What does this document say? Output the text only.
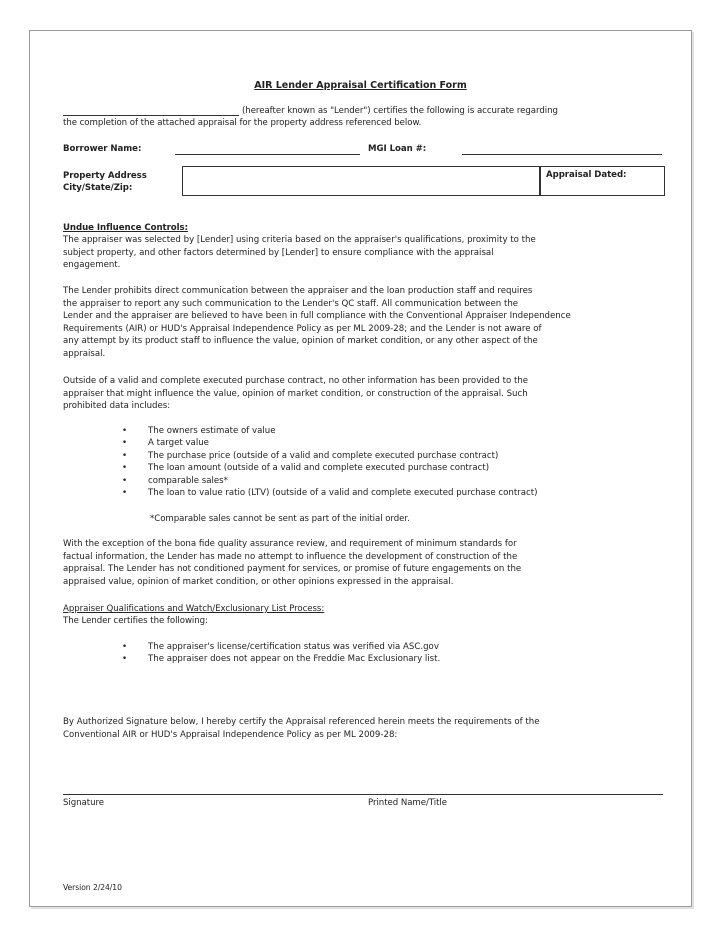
AIR Lender Appraisal Certification Form
(hereafter known as "Lender") certifies the following is accurate regarding
the completion of the attached appraisal for the property address referenced below.
Borrower Name:	MGI Loan #:
Property Address
City/State/Zip:
Appraisal Dated:
Undue Influence Controls:
The appraiser was selected by [Lender] using criteria based on the appraiser's qualifications, proximity to the
subject property, and other factors determined by [Lender] to ensure compliance with the appraisal
engagement.
The Lender prohibits direct communication between the appraiser and the loan production staff and requires
the appraiser to report any such communication to the Lender's QC staff. All communication between the
Lender and the appraiser are believed to have been in full compliance with the Conventional Appraiser Independence
Requirements (AIR) or HUD's Appraisal Independence Policy as per ML 2009-28; and the Lender is not aware of
any attempt by its product staff to influence the value, opinion of market condition, or any other aspect of the
appraisal.
Outside of a valid and complete executed purchase contract, no other information has been provided to the
appraiser that might influence the value, opinion of market condition, or construction of the appraisal. Such
prohibited data includes:
• The owners estimate of value
• A target value
• The purchase price (outside of a valid and complete executed purchase contract)
• The loan amount (outside of a valid and complete executed purchase contract)
• comparable sales*
• The loan to value ratio (LTV) (outside of a valid and complete executed purchase contract)
*Comparable sales cannot be sent as part of the initial order.
With the exception of the bona fide quality assurance review, and requirement of minimum standards for
factual information, the Lender has made no attempt to influence the development of construction of the
appraisal. The Lender has not conditioned payment for services, or promise of future engagements on the
appraised value, opinion of market condition, or other opinions expressed in the appraisal.
Appraiser Qualifications and Watch/Exclusionary List Process:
The Lender certifies the following:
• The appraiser's license/certification status was verified via ASC.gov
• The appraiser does not appear on the Freddie Mac Exclusionary list.
By Authorized Signature below, I hereby certify the Appraisal referenced herein meets the requirements of the
Conventional AIR or HUD's Appraisal Independence Policy as per ML 2009-28:
Signature	Printed Name/Title
Version 2/24/10
